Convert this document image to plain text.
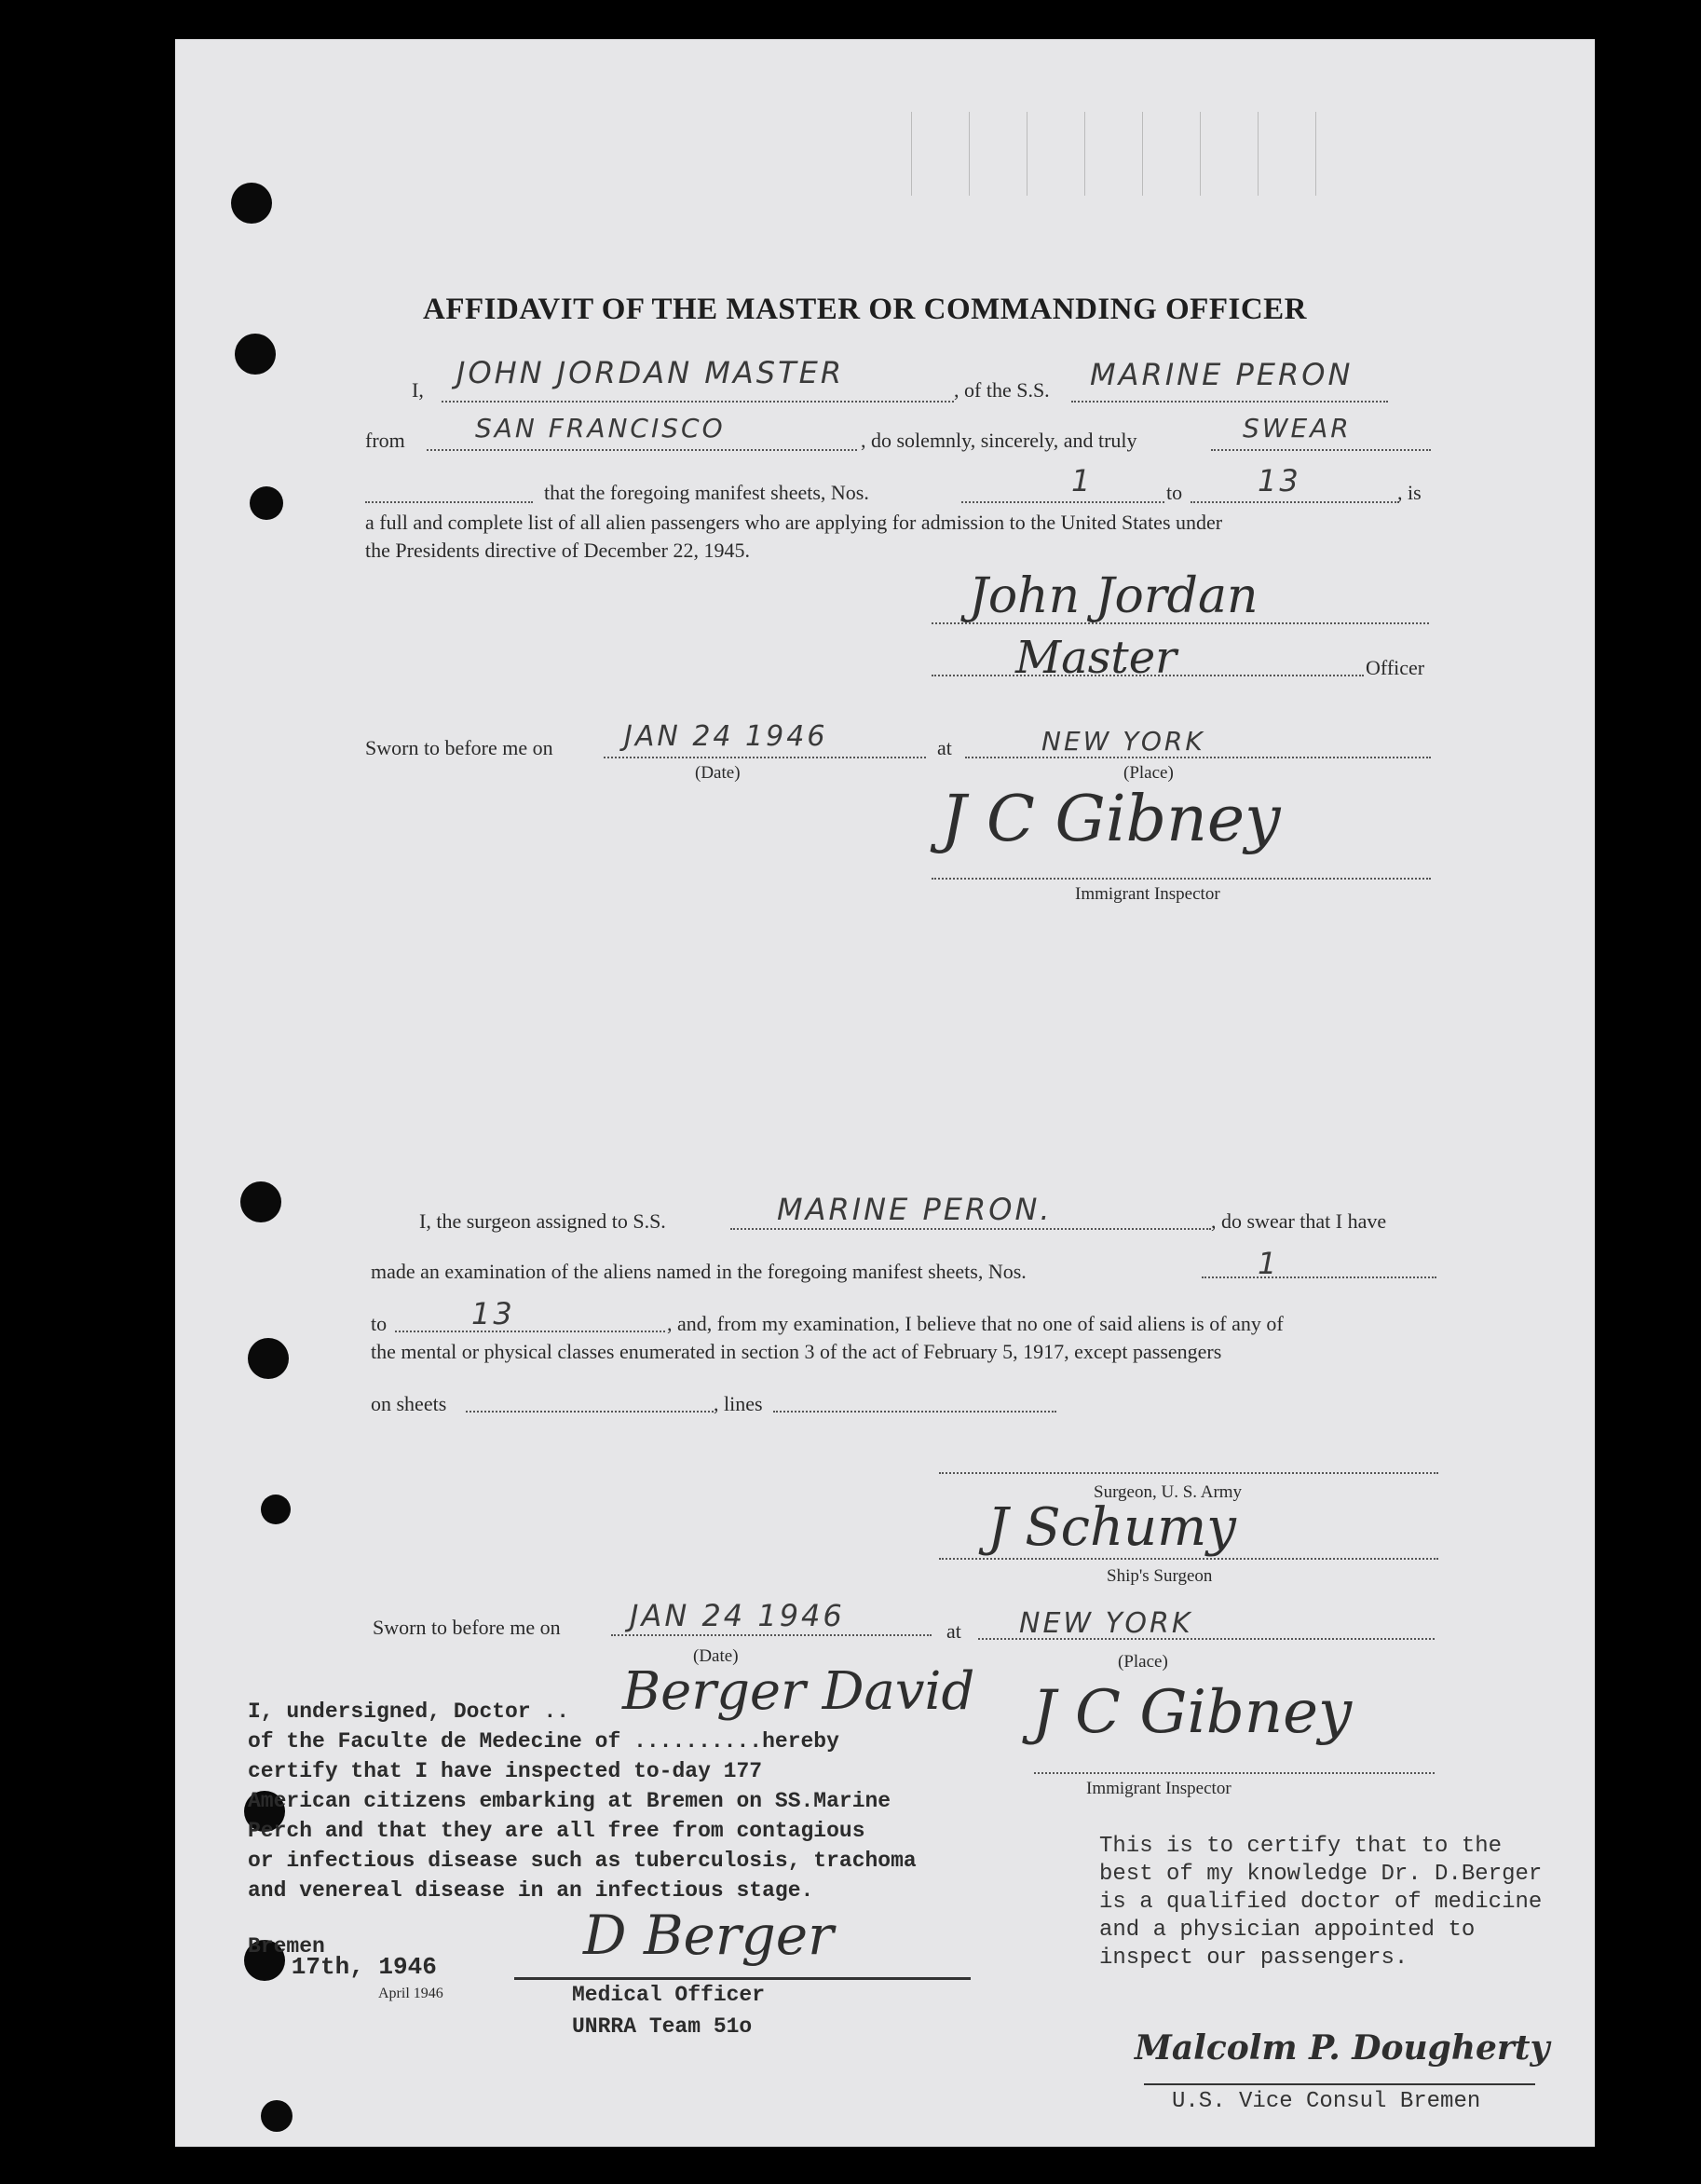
AFFIDAVIT OF THE MASTER OR COMMANDING OFFICER
I, JOHN JORDAN MASTER	, of the S.S. MARINE PERON
from	SAN FRANCISCO	, do solemnly, sincerely, and truly	SWEAR
that the foregoing manifest sheets, Nos.	1	to	13	, is
a full and complete list of all alien passengers who are applying for admission to the United States under
the Presidents directive of December 22, 1945.
John Jordan
Master	Officer
Sworn to before me on	JAN 24 1946	at	NEW YORK
(Date)	(Place)
J C Gibney
Immigrant Inspector
I, the surgeon assigned to S.S.	MARINE PERON.	, do swear that I have
made an examination of the aliens named in the foregoing manifest sheets, Nos.	1
to	13	, and, from my examination, I believe that no one of said aliens is of any of
the mental or physical classes enumerated in section 3 of the act of February 5, 1917, except passengers
on sheets	, lines
Surgeon, U. S. Army
J Schumy
Ship's Surgeon
Sworn to before me on JAN 24 1946	at NEW YORK
(Date)	(Place)
J C Gibney
Immigrant Inspector
I, undersigned, Doctor .. Berger David
of the Faculte de Medecine of ..........hereby
certify that I have inspected to-day 177
American citizens embarking at Bremen on SS.Marine
Perch and that they are all free from contagious
or infectious disease such as tuberculosis, trachoma
and venereal disease in an infectious stage.
Bremen
17th, 1946
April 1946
D Berger
Medical Officer
UNRRA Team 51o
This is to certify that to the
best of my knowledge Dr. D.Berger
is a qualified doctor of medicine
and a physician appointed to
inspect our passengers.
Malcolm P. Dougherty
U.S. Vice Consul Bremen
